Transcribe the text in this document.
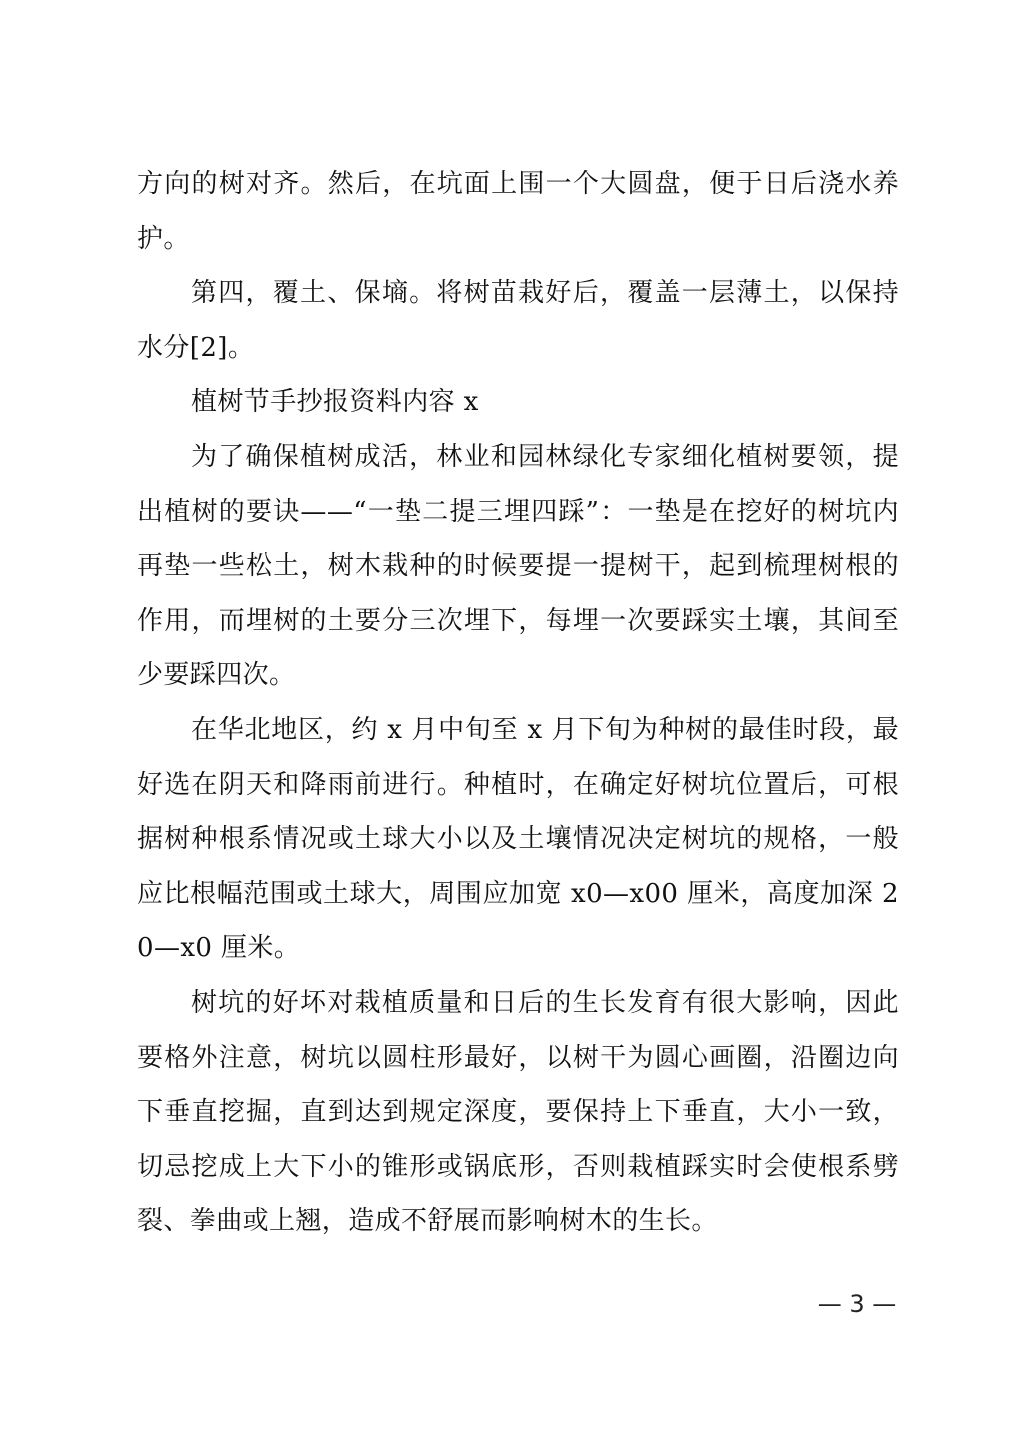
方向的树对齐。然后，在坑面上围一个大圆盘，便于日后浇水养护。

第四，覆土、保墒。将树苗栽好后，覆盖一层薄土，以保持水分[2]。

植树节手抄报资料内容 x

为了确保植树成活，林业和园林绿化专家细化植树要领，提出植树的要诀——“一垫二提三埋四踩”：一垫是在挖好的树坑内再垫一些松土，树木栽种的时候要提一提树干，起到梳理树根的作用，而埋树的土要分三次埋下，每埋一次要踩实土壤，其间至少要踩四次。

在华北地区，约 x 月中旬至 x 月下旬为种树的最佳时段，最好选在阴天和降雨前进行。种植时，在确定好树坑位置后，可根据树种根系情况或土球大小以及土壤情况决定树坑的规格，一般应比根幅范围或土球大，周围应加宽 x0—x00 厘米，高度加深 20—x0 厘米。

树坑的好坏对栽植质量和日后的生长发育有很大影响，因此要格外注意，树坑以圆柱形最好，以树干为圆心画圈，沿圈边向下垂直挖掘，直到达到规定深度，要保持上下垂直，大小一致，切忌挖成上大下小的锥形或锅底形，否则栽植踩实时会使根系劈裂、拳曲或上翘，造成不舒展而影响树木的生长。

— 3 —
